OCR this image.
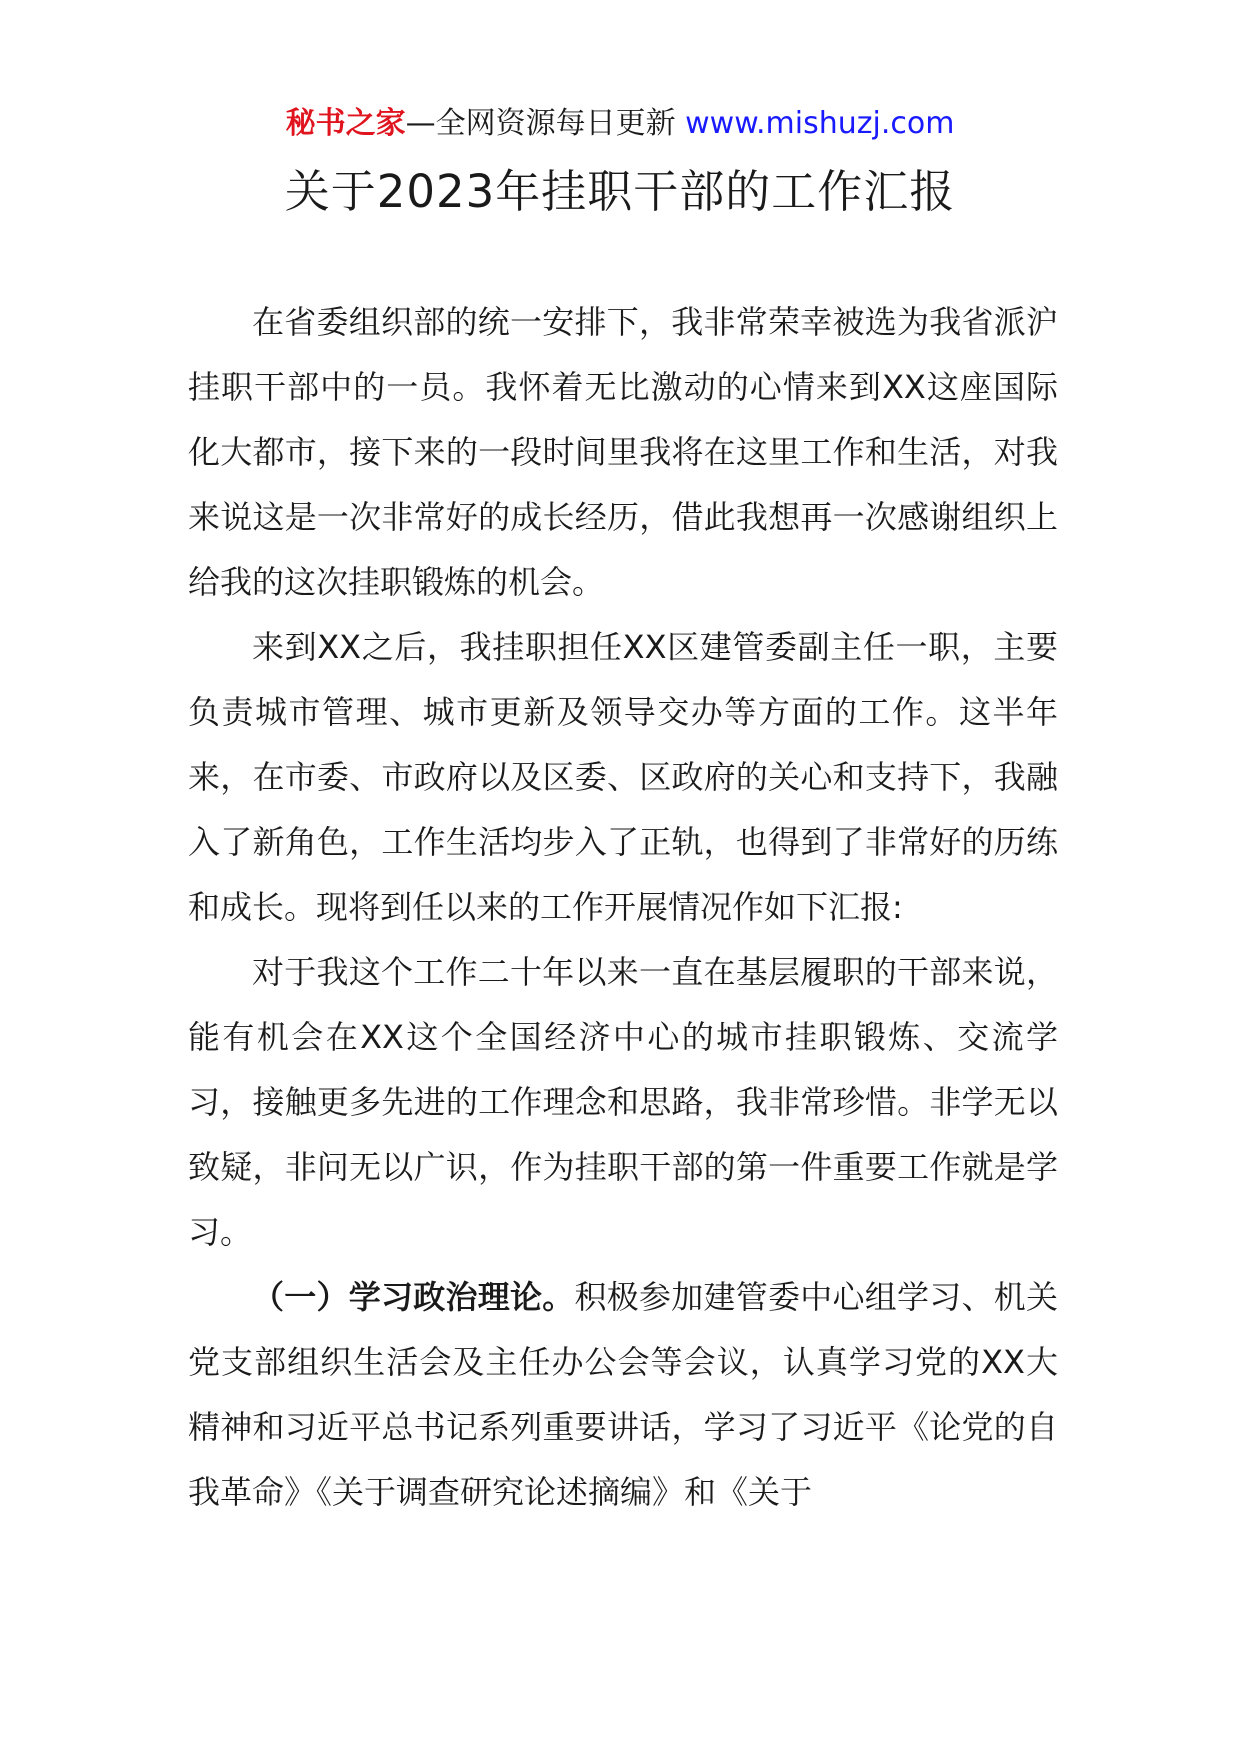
秘书之家—全网资源每日更新 www.mishuzj.com
关于2023年挂职干部的工作汇报

在省委组织部的统一安排下，我非常荣幸被选为我省派沪挂职干部中的一员。我怀着无比激动的心情来到XX这座国际化大都市，接下来的一段时间里我将在这里工作和生活，对我来说这是一次非常好的成长经历，借此我想再一次感谢组织上给我的这次挂职锻炼的机会。

来到XX之后，我挂职担任XX区建管委副主任一职，主要负责城市管理、城市更新及领导交办等方面的工作。这半年来，在市委、市政府以及区委、区政府的关心和支持下，我融入了新角色，工作生活均步入了正轨，也得到了非常好的历练和成长。现将到任以来的工作开展情况作如下汇报:

对于我这个工作二十年以来一直在基层履职的干部来说，能有机会在XX这个全国经济中心的城市挂职锻炼、交流学习，接触更多先进的工作理念和思路，我非常珍惜。非学无以致疑，非问无以广识，作为挂职干部的第一件重要工作就是学习。

（一）学习政治理论。积极参加建管委中心组学习、机关党支部组织生活会及主任办公会等会议，认真学习党的XX大精神和习近平总书记系列重要讲话，学习了习近平《论党的自我革命》《关于调查研究论述摘编》和《关于
